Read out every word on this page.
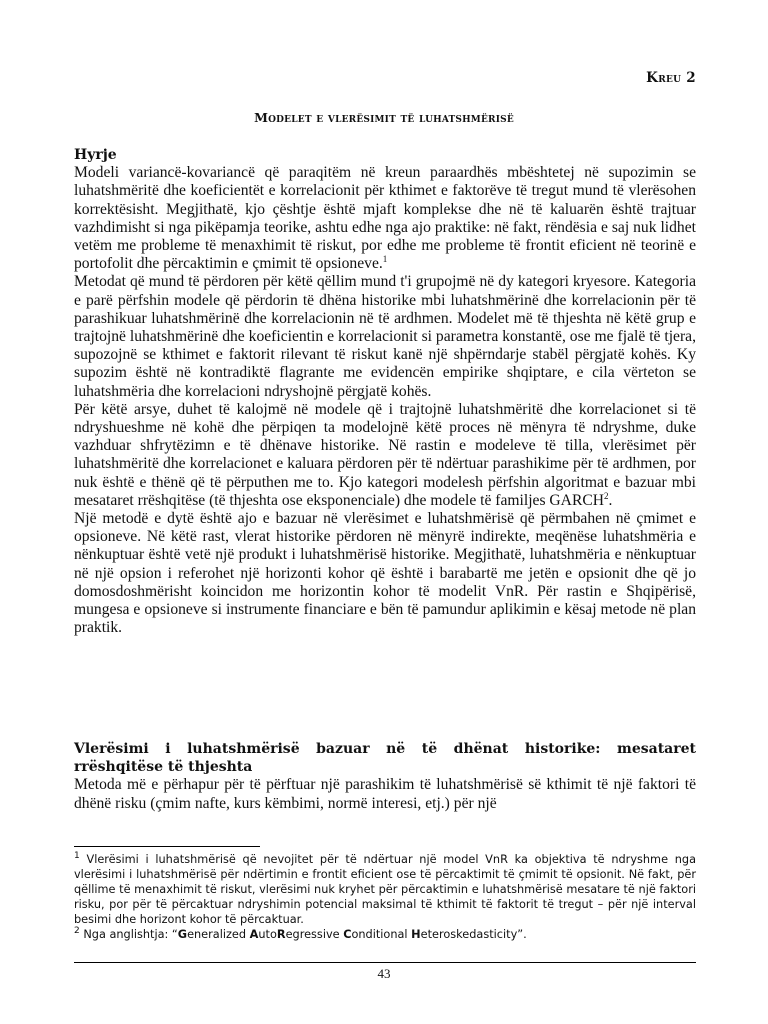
Kreu 2
Modelet e vlerësimit të luhatshmërisë
Hyrje

Modeli variancë-kovariancë që paraqitëm në kreun paraardhës mbështetej në supozimin se luhatshmëritë dhe koeficientët e korrelacionit për kthimet e faktorëve të tregut mund të vlerësohen korrektësisht. Megjithatë, kjo çështje është mjaft komplekse dhe në të kaluarën është trajtuar vazhdimisht si nga pikëpamja teorike, ashtu edhe nga ajo praktike: në fakt, rëndësia e saj nuk lidhet vetëm me probleme të menaxhimit të riskut, por edhe me probleme të frontit eficient në teorinë e portofolit dhe përcaktimin e çmimit të opsioneve.$^1$

Metodat që mund të përdoren për këtë qëllim mund t'i grupojmë në dy kategori kryesore. Kategoria e parë përfshin modele që përdorin të dhëna historike mbi luhatshmërinë dhe korrelacionin për të parashikuar luhatshmërinë dhe korrelacionin në të ardhmen. Modelet më të thjeshta në këtë grup e trajtojnë luhatshmërinë dhe koeficientin e korrelacionit si parametra konstantë, ose me fjalë të tjera, supozojnë se kthimet e faktorit rilevant të riskut kanë një shpërndarje stabël përgjatë kohës. Ky supozim është në kontradiktë flagrante me evidencën empirike shqiptare, e cila vërteton se luhatshmëria dhe korrelacioni ndryshojnë përgjatë kohës.

Për këtë arsye, duhet të kalojmë në modele që i trajtojnë luhatshmëritë dhe korrelacionet si të ndryshueshme në kohë dhe përpiqen ta modelojnë këtë proces në mënyra të ndryshme, duke vazhduar shfrytëzimn e të dhënave historike. Në rastin e modeleve të tilla, vlerësimet për luhatshmëritë dhe korrelacionet e kaluara përdoren për të ndërtuar parashikime për të ardhmen, por nuk është e thënë që të përputhen me to. Kjo kategori modelesh përfshin algoritmat e bazuar mbi mesataret rrëshqitëse (të thjeshta ose eksponenciale) dhe modele të familjes GARCH$^2$.

Një metodë e dytë është ajo e bazuar në vlerësimet e luhatshmërisë që përmbahen në çmimet e opsioneve. Në këtë rast, vlerat historike përdoren në mënyrë indirekte, meqënëse luhatshmëria e nënkuptuar është vetë një produkt i luhatshmërisë historike. Megjithatë, luhatshmëria e nënkuptuar në një opsion i referohet një horizonti kohor që është i barabartë me jetën e opsionit dhe që jo domosdoshmërisht koincidon me horizontin kohor të modelit VnR. Për rastin e Shqipërisë, mungesa e opsioneve si instrumente financiare e bën të pamundur aplikimin e kësaj metode në plan praktik.

Vlerësimi i luhatshmërisë bazuar në të dhënat historike: mesataret rrëshqitëse të thjeshta

Metoda më e përhapur për të përftuar një parashikim të luhatshmërisë së kthimit të një faktori të dhënë risku (çmim nafte, kurs këmbimi, normë interesi, etj.) për një

$^1$ Vlerësimi i luhatshmërisë që nevojitet për të ndërtuar një model VnR ka objektiva të ndryshme nga vlerësimi i luhatshmërisë për ndërtimin e frontit eficient ose të përcaktimit të çmimit të opsionit. Në fakt, për qëllime të menaxhimit të riskut, vlerësimi nuk kryhet për përcaktimin e luhatshmërisë mesatare të një faktori risku, por për të përcaktuar ndryshimin potencial maksimal të kthimit të faktorit të tregut – për një interval besimi dhe horizont kohor të përcaktuar.

$^2$ Nga anglishtja: “Generalized AutoRegressive Conditional Heteroskedasticity”.

43
